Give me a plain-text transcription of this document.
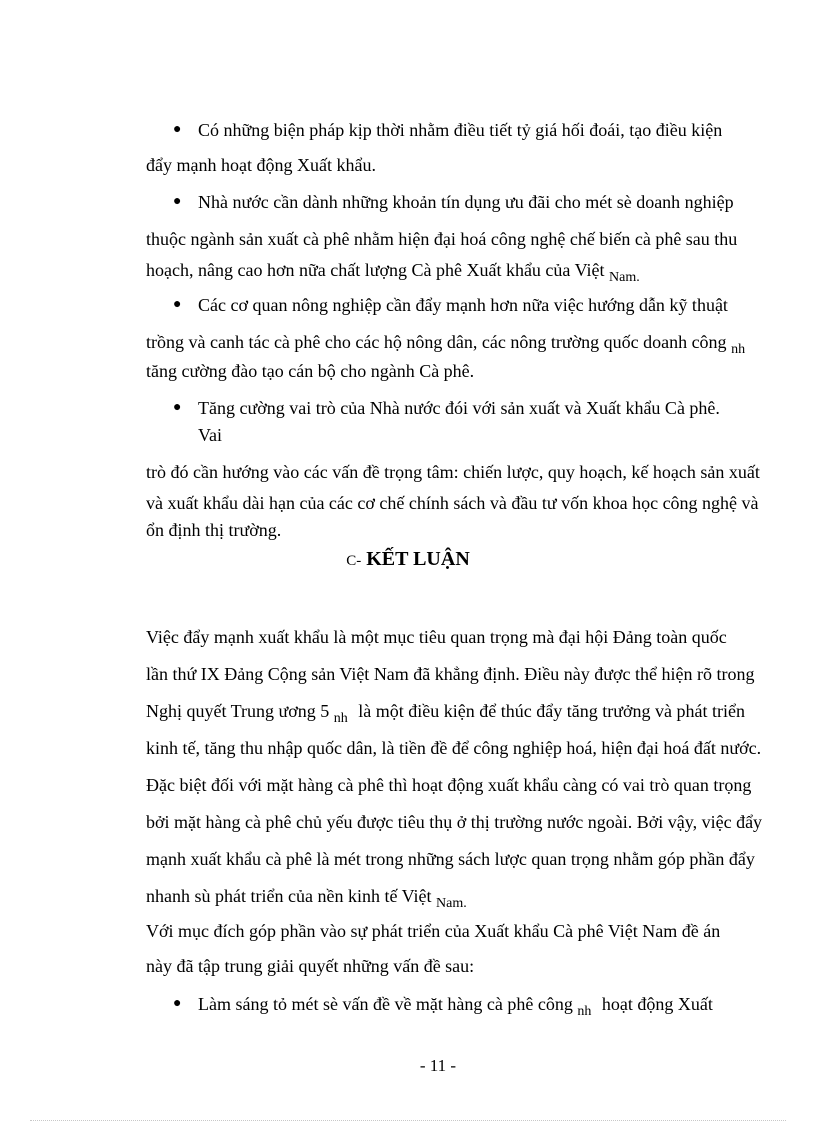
● Có những biện pháp kịp thời nhằm điều tiết tỷ giá hối đoái, tạo điều kiện
đẩy mạnh hoạt động Xuất khẩu.
● Nhà nước cần dành những khoản tín dụng ưu đãi cho mét sè doanh nghiệp
thuộc ngành sản xuất cà phê nhằm hiện đại hoá công nghệ chế biến cà phê sau thu
hoạch, nâng cao hơn nữa chất lượng Cà phê Xuất khẩu của Việt $_{Nam.}$
● Các cơ quan nông nghiệp cần đẩy mạnh hơn nữa việc hướng dẫn kỹ thuật
trồng và canh tác cà phê cho các hộ nông dân, các nông trường quốc doanh công $_{nh}$
tăng cường đào tạo cán bộ cho ngành Cà phê.
● Tăng cường vai trò của Nhà nước đói với sản xuất và Xuất khẩu Cà phê.
Vai
trò đó cần hướng vào các vấn đề trọng tâm: chiến lược, quy hoạch, kế hoạch sản xuất
và xuất khẩu dài hạn của các cơ chế chính sách và đầu tư vốn khoa học công nghệ và
ổn định thị trường.
C- KẾT LUẬN
Việc đẩy mạnh xuất khẩu là một mục tiêu quan trọng mà đại hội Đảng toàn quốc
lần thứ IX Đảng Cộng sản Việt Nam đã khẳng định. Điều này được thể hiện rõ trong
Nghị quyết Trung ương 5 $_{nh}$ là một điều kiện để thúc đẩy tăng trưởng và phát triển
kinh tế, tăng thu nhập quốc dân, là tiền đề để công nghiệp hoá, hiện đại hoá đất nước.
Đặc biệt đối với mặt hàng cà phê thì hoạt động xuất khẩu càng có vai trò quan trọng
bởi mặt hàng cà phê chủ yếu được tiêu thụ ở thị trường nước ngoài. Bởi vậy, việc đẩy
mạnh xuất khẩu cà phê là mét trong những sách lược quan trọng nhằm góp phần đẩy
nhanh sù phát triển của nền kinh tế Việt $_{Nam.}$
Với mục đích góp phần vào sự phát triển của Xuất khẩu Cà phê Việt Nam đề án
này đã tập trung giải quyết những vấn đề sau:
● Làm sáng tỏ mét sè vấn đề về mặt hàng cà phê công $_{nh}$ hoạt động Xuất
- 11 -
